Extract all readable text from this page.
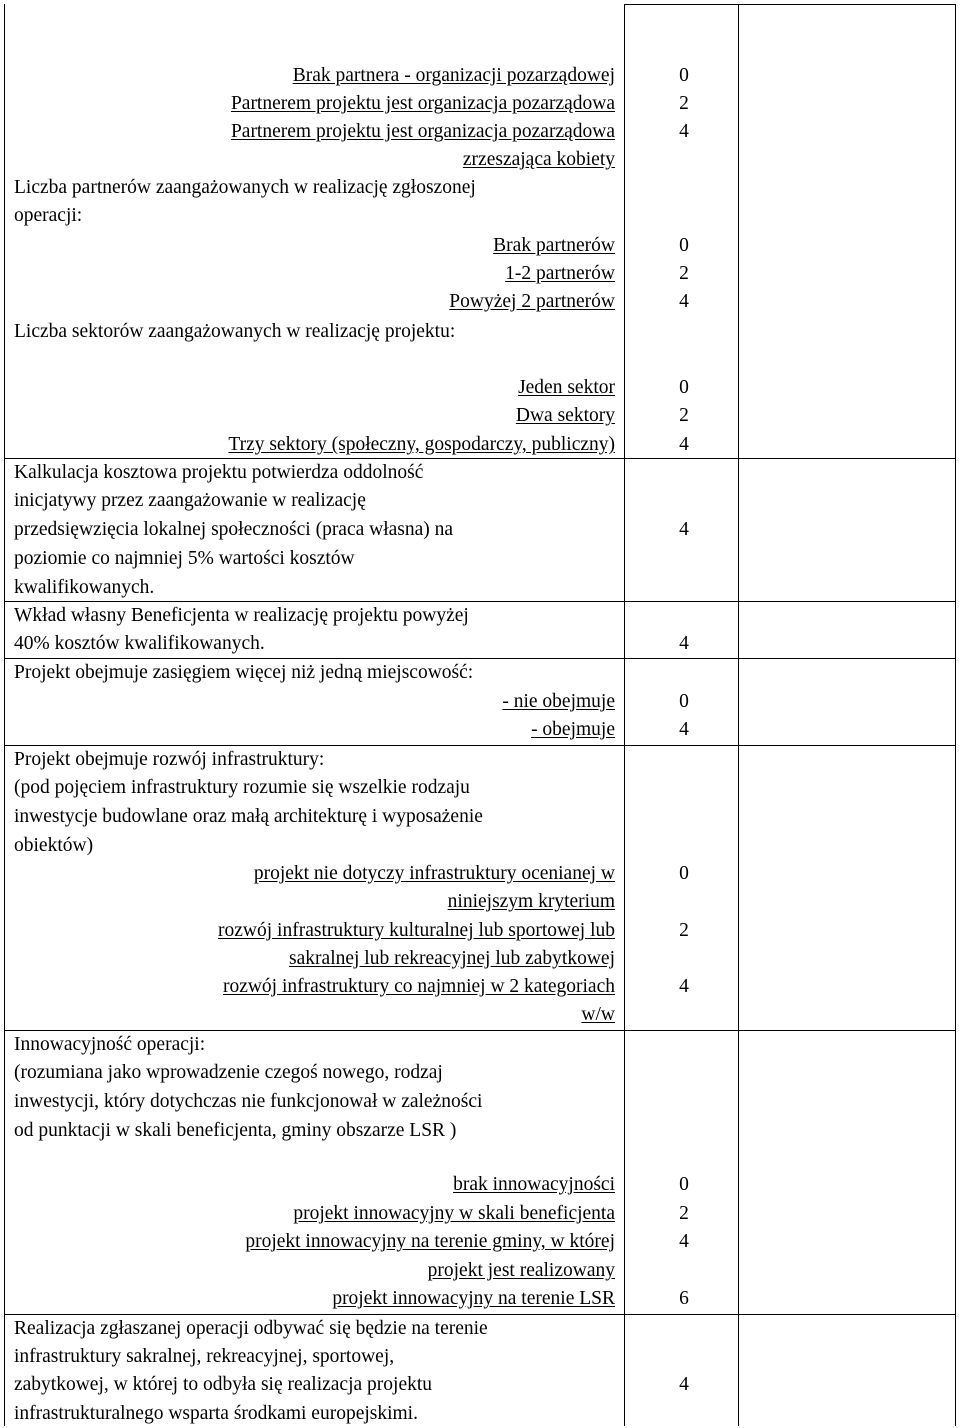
Brak partnera - organizacji pozarządowej
Partnerem projektu jest organizacja pozarządowa
Partnerem projektu jest organizacja pozarządowa
zrzeszająca kobiety
Liczba partnerów zaangażowanych w realizację zgłoszonej
operacji:
Brak partnerów
1-2 partnerów
Powyżej 2 partnerów
Liczba sektorów zaangażowanych w realizację projektu:
Jeden sektor
Dwa sektory
Trzy sektory (społeczny, gospodarczy, publiczny)
0
2
4
0
2
4
0
2
4
Kalkulacja kosztowa projektu potwierdza oddolność
inicjatywy przez zaangażowanie w realizację
przedsięwzięcia lokalnej społeczności (praca własna) na
poziomie co najmniej 5% wartości kosztów
kwalifikowanych.
4
Wkład własny Beneficjenta w realizację projektu powyżej
40% kosztów kwalifikowanych.	4
Projekt obejmuje zasięgiem więcej niż jedną miejscowość:
- nie obejmuje
- obejmuje
0
4
Projekt obejmuje rozwój infrastruktury:
(pod pojęciem infrastruktury rozumie się wszelkie rodzaju
inwestycje budowlane oraz małą architekturę i wyposażenie
obiektów)
projekt nie dotyczy infrastruktury ocenianej w
niniejszym kryterium
rozwój infrastruktury kulturalnej lub sportowej lub
sakralnej lub rekreacyjnej lub zabytkowej
rozwój infrastruktury co najmniej w 2 kategoriach
w/w
0
2
4
Innowacyjność operacji:
(rozumiana jako wprowadzenie czegoś nowego, rodzaj
inwestycji, który dotychczas nie funkcjonował w zależności
od punktacji w skali beneficjenta, gminy obszarze LSR )
brak innowacyjności
projekt innowacyjny w skali beneficjenta
projekt innowacyjny na terenie gminy, w której
projekt jest realizowany
projekt innowacyjny na terenie LSR
0
2
4
6
Realizacja zgłaszanej operacji odbywać się będzie na terenie
infrastruktury sakralnej, rekreacyjnej, sportowej,
zabytkowej, w której to odbyła się realizacja projektu
infrastrukturalnego wsparta środkami europejskimi.
4
